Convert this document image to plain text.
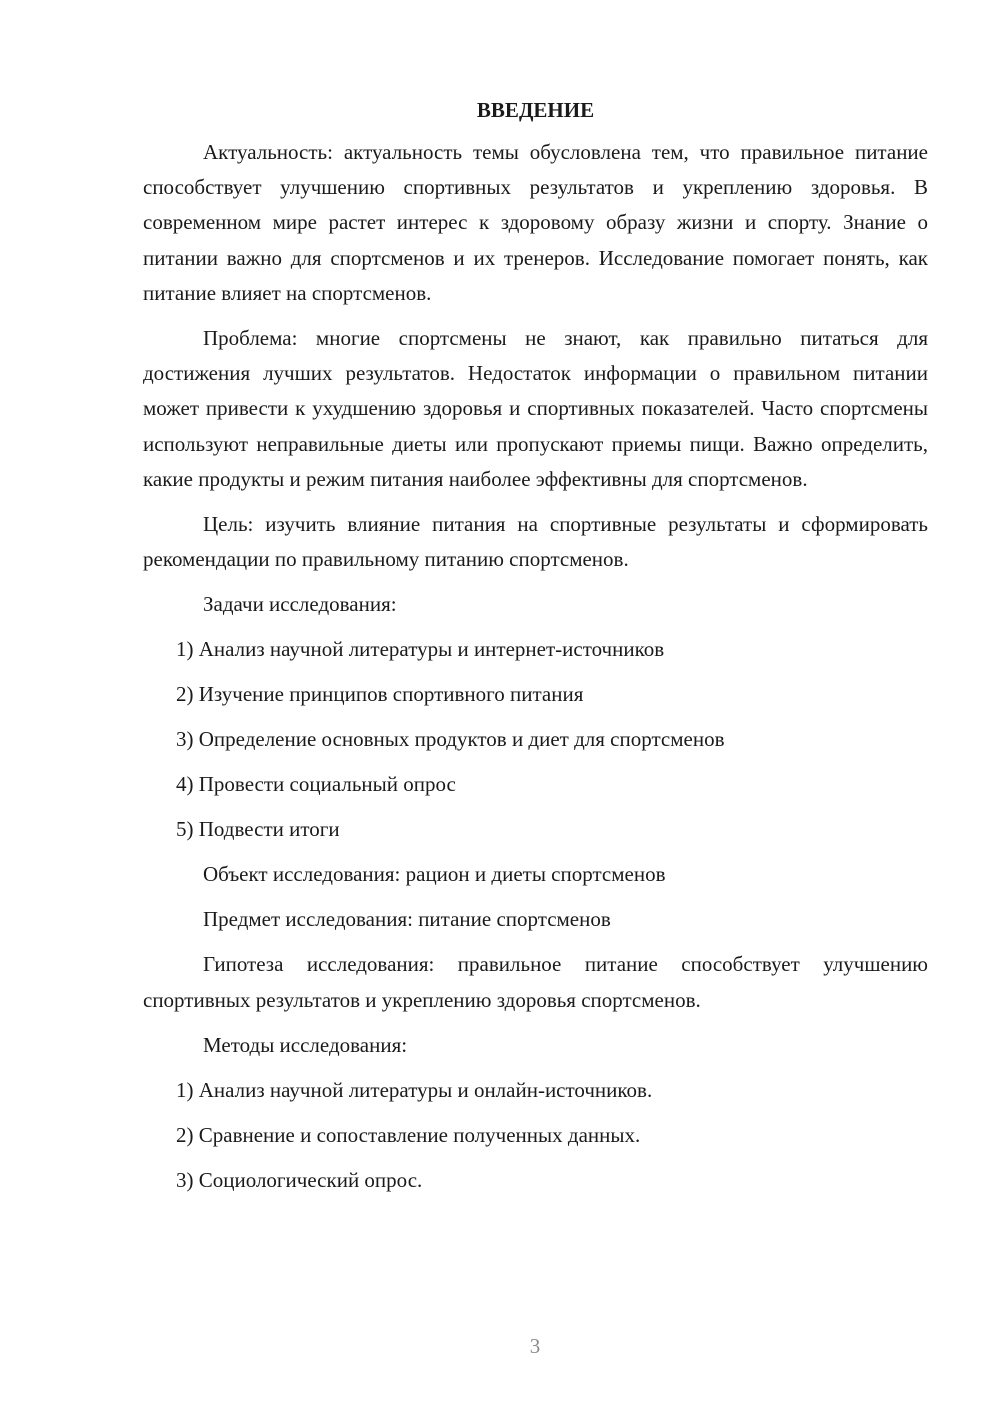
ВВЕДЕНИЕ

Актуальность: актуальность темы обусловлена тем, что правильное питание способствует улучшению спортивных результатов и укреплению здоровья. В современном мире растет интерес к здоровому образу жизни и спорту. Знание о питании важно для спортсменов и их тренеров. Исследование помогает понять, как питание влияет на спортсменов.

Проблема: многие спортсмены не знают, как правильно питаться для достижения лучших результатов. Недостаток информации о правильном питании может привести к ухудшению здоровья и спортивных показателей. Часто спортсмены используют неправильные диеты или пропускают приемы пищи. Важно определить, какие продукты и режим питания наиболее эффективны для спортсменов.

Цель: изучить влияние питания на спортивные результаты и сформировать рекомендации по правильному питанию спортсменов.

Задачи исследования:
1) Анализ научной литературы и интернет-источников
2) Изучение принципов спортивного питания
3) Определение основных продуктов и диет для спортсменов
4) Провести социальный опрос
5) Подвести итоги
Объект исследования: рацион и диеты спортсменов
Предмет исследования: питание спортсменов

Гипотеза исследования: правильное питание способствует улучшению спортивных результатов и укреплению здоровья спортсменов.

Методы исследования:
1) Анализ научной литературы и онлайн-источников.
2) Сравнение и сопоставление полученных данных.
3) Социологический опрос.
3
